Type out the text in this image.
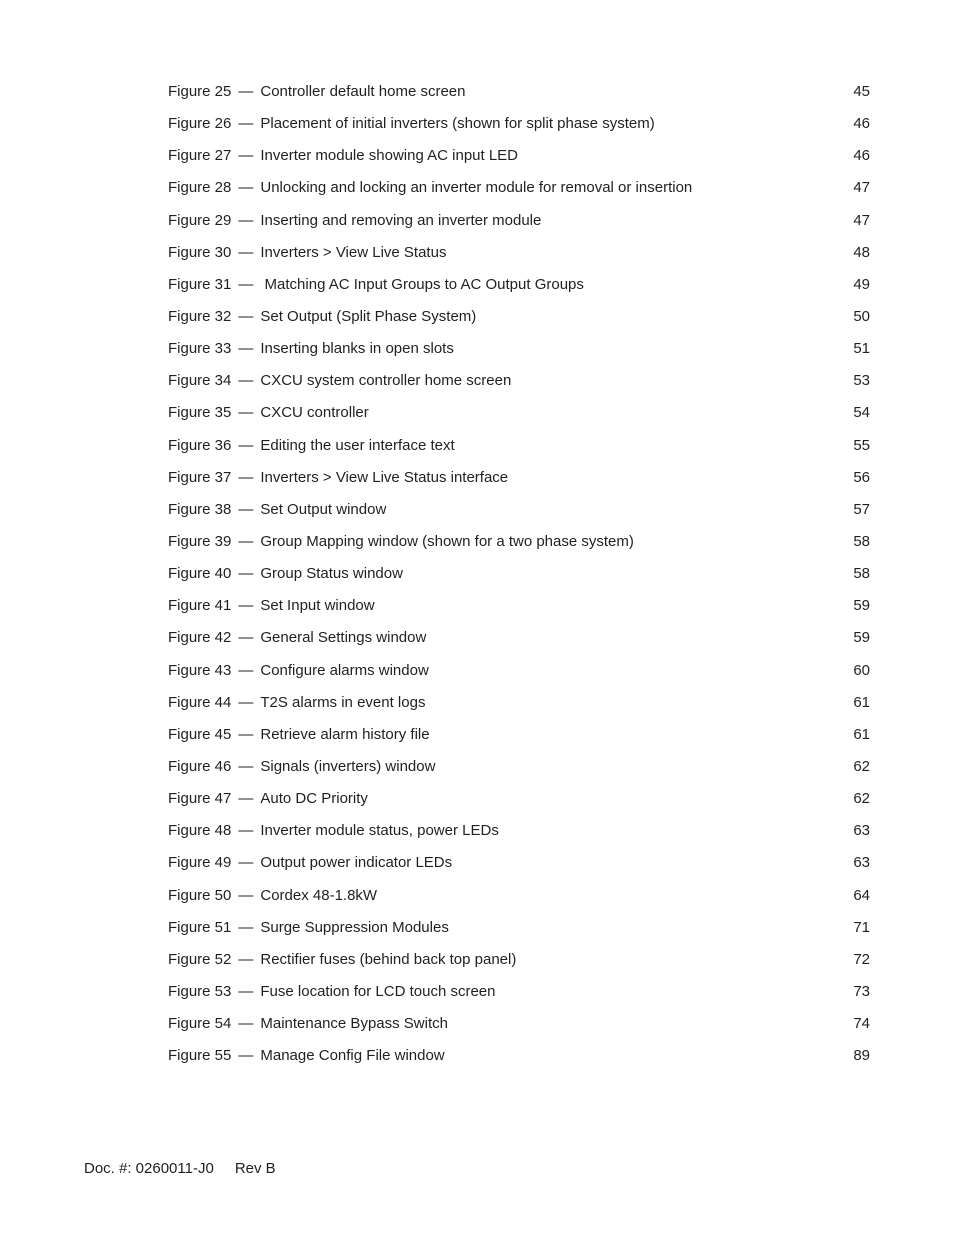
Figure 25 — Controller default home screen	45
Figure 26 — Placement of initial inverters (shown for split phase system)	46
Figure 27 — Inverter module showing AC input LED	46
Figure 28 — Unlocking and locking an inverter module for removal or insertion	47
Figure 29 — Inserting and removing an inverter module	47
Figure 30 — Inverters > View Live Status	48
Figure 31 — Matching AC Input Groups to AC Output Groups	49
Figure 32 — Set Output (Split Phase System)	50
Figure 33 — Inserting blanks in open slots	51
Figure 34 — CXCU system controller home screen	53
Figure 35 — CXCU controller	54
Figure 36 — Editing the user interface text	55
Figure 37 — Inverters > View Live Status interface	56
Figure 38 — Set Output window	57
Figure 39 — Group Mapping window (shown for a two phase system)	58
Figure 40 — Group Status window	58
Figure 41 — Set Input window	59
Figure 42 — General Settings window	59
Figure 43 — Configure alarms window	60
Figure 44 — T2S alarms in event logs	61
Figure 45 — Retrieve alarm history file	61
Figure 46 — Signals (inverters) window	62
Figure 47 — Auto DC Priority	62
Figure 48 — Inverter module status, power LEDs	63
Figure 49 — Output power indicator LEDs	63
Figure 50 — Cordex 48-1.8kW	64
Figure 51 — Surge Suppression Modules	71
Figure 52 — Rectifier fuses (behind back top panel)	72
Figure 53 — Fuse location for LCD touch screen	73
Figure 54 — Maintenance Bypass Switch	74
Figure 55 — Manage Config File window	89
Doc. #: 0260011-J0 Rev B
